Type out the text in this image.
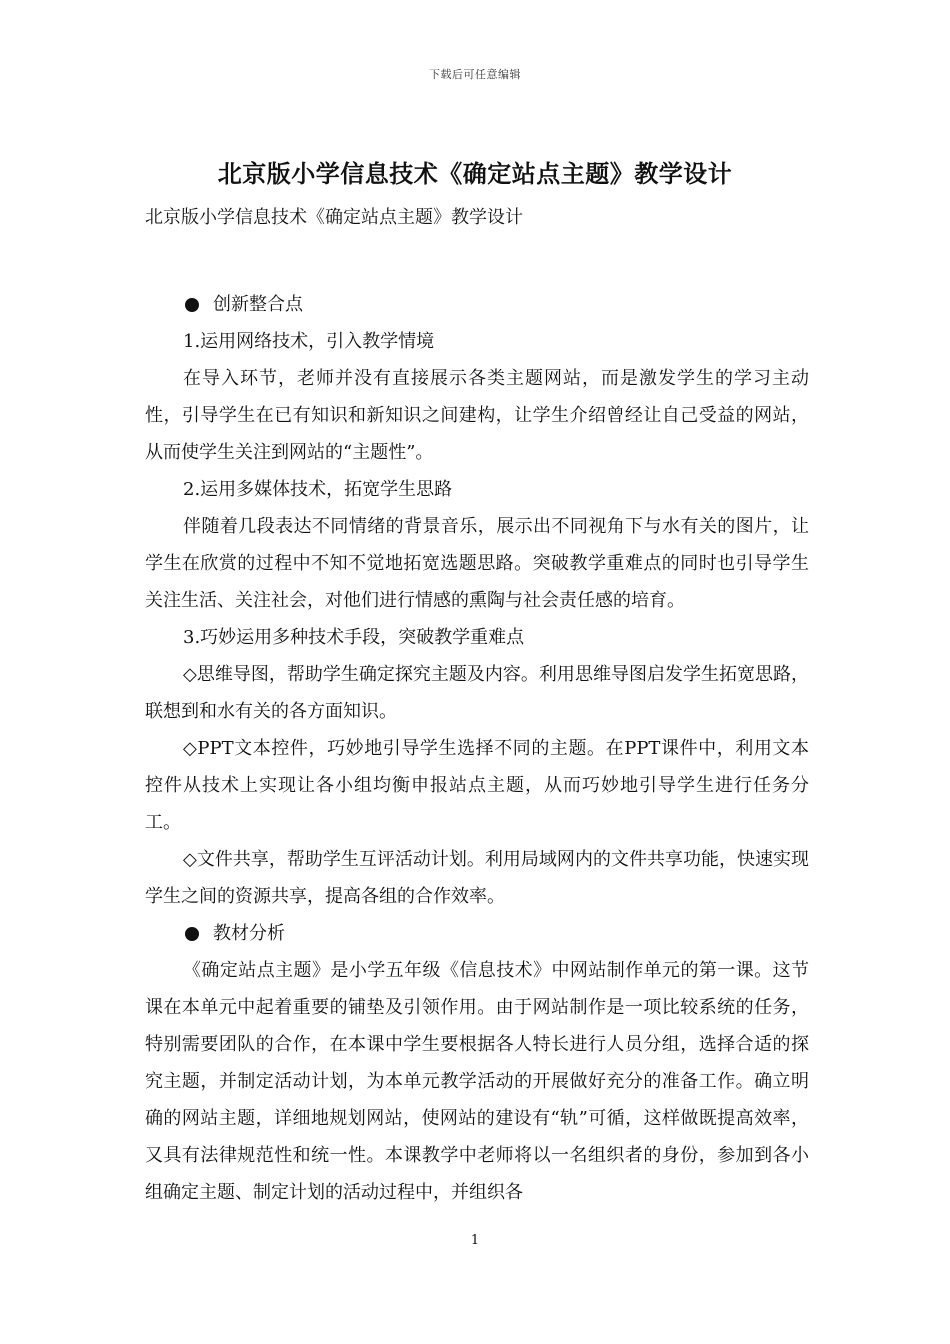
下载后可任意编辑
北京版小学信息技术《确定站点主题》教学设计

北京版小学信息技术《确定站点主题》教学设计

创新整合点

1.运用网络技术，引入教学情境

在导入环节，老师并没有直接展示各类主题网站，而是激发学生的学习主动性，引导学生在已有知识和新知识之间建构，让学生介绍曾经让自己受益的网站，从而使学生关注到网站的“主题性”。

2.运用多媒体技术，拓宽学生思路

伴随着几段表达不同情绪的背景音乐，展示出不同视角下与水有关的图片，让学生在欣赏的过程中不知不觉地拓宽选题思路。突破教学重难点的同时也引导学生关注生活、关注社会，对他们进行情感的熏陶与社会责任感的培育。

3.巧妙运用多种技术手段，突破教学重难点

◇思维导图，帮助学生确定探究主题及内容。利用思维导图启发学生拓宽思路，联想到和水有关的各方面知识。

◇PPT文本控件，巧妙地引导学生选择不同的主题。在PPT课件中，利用文本控件从技术上实现让各小组均衡申报站点主题，从而巧妙地引导学生进行任务分工。

◇文件共享，帮助学生互评活动计划。利用局域网内的文件共享功能，快速实现学生之间的资源共享，提高各组的合作效率。

教材分析

《确定站点主题》是小学五年级《信息技术》中网站制作单元的第一课。这节课在本单元中起着重要的铺垫及引领作用。由于网站制作是一项比较系统的任务，特别需要团队的合作，在本课中学生要根据各人特长进行人员分组，选择合适的探究主题，并制定活动计划，为本单元教学活动的开展做好充分的准备工作。确立明确的网站主题，详细地规划网站，使网站的建设有“轨”可循，这样做既提高效率，又具有法律规范性和统一性。本课教学中老师将以一名组织者的身份，参加到各小组确定主题、制定计划的活动过程中，并组织各

1
